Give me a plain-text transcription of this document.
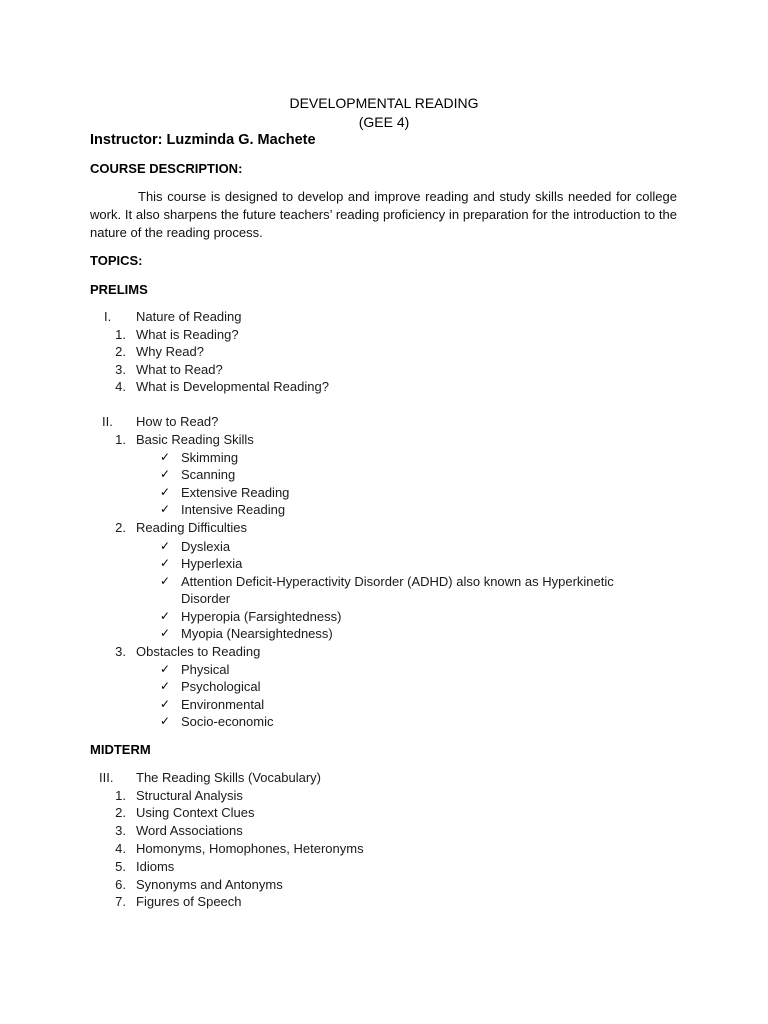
DEVELOPMENTAL READING
(GEE 4)
Instructor: Luzminda G. Machete
COURSE DESCRIPTION:

This course is designed to develop and improve reading and study skills needed for college work. It also sharpens the future teachers’ reading proficiency in preparation for the introduction to the nature of the reading process.

TOPICS:
PRELIMS
I. Nature of Reading
1. What is Reading?
2. Why Read?
3. What to Read?
4. What is Developmental Reading?
II. How to Read?
1. Basic Reading Skills
✓ Skimming
✓ Scanning
✓ Extensive Reading
✓ Intensive Reading
2. Reading Difficulties
✓ Dyslexia
✓ Hyperlexia
✓ Attention Deficit-Hyperactivity Disorder (ADHD) also known as Hyperkinetic
Disorder
✓ Hyperopia (Farsightedness)
✓ Myopia (Nearsightedness)
3. Obstacles to Reading
✓ Physical
✓ Psychological
✓ Environmental
✓ Socio-economic
MIDTERM
III. The Reading Skills (Vocabulary)
1. Structural Analysis
2. Using Context Clues
3. Word Associations
4. Homonyms, Homophones, Heteronyms
5. Idioms
6. Synonyms and Antonyms
7. Figures of Speech
